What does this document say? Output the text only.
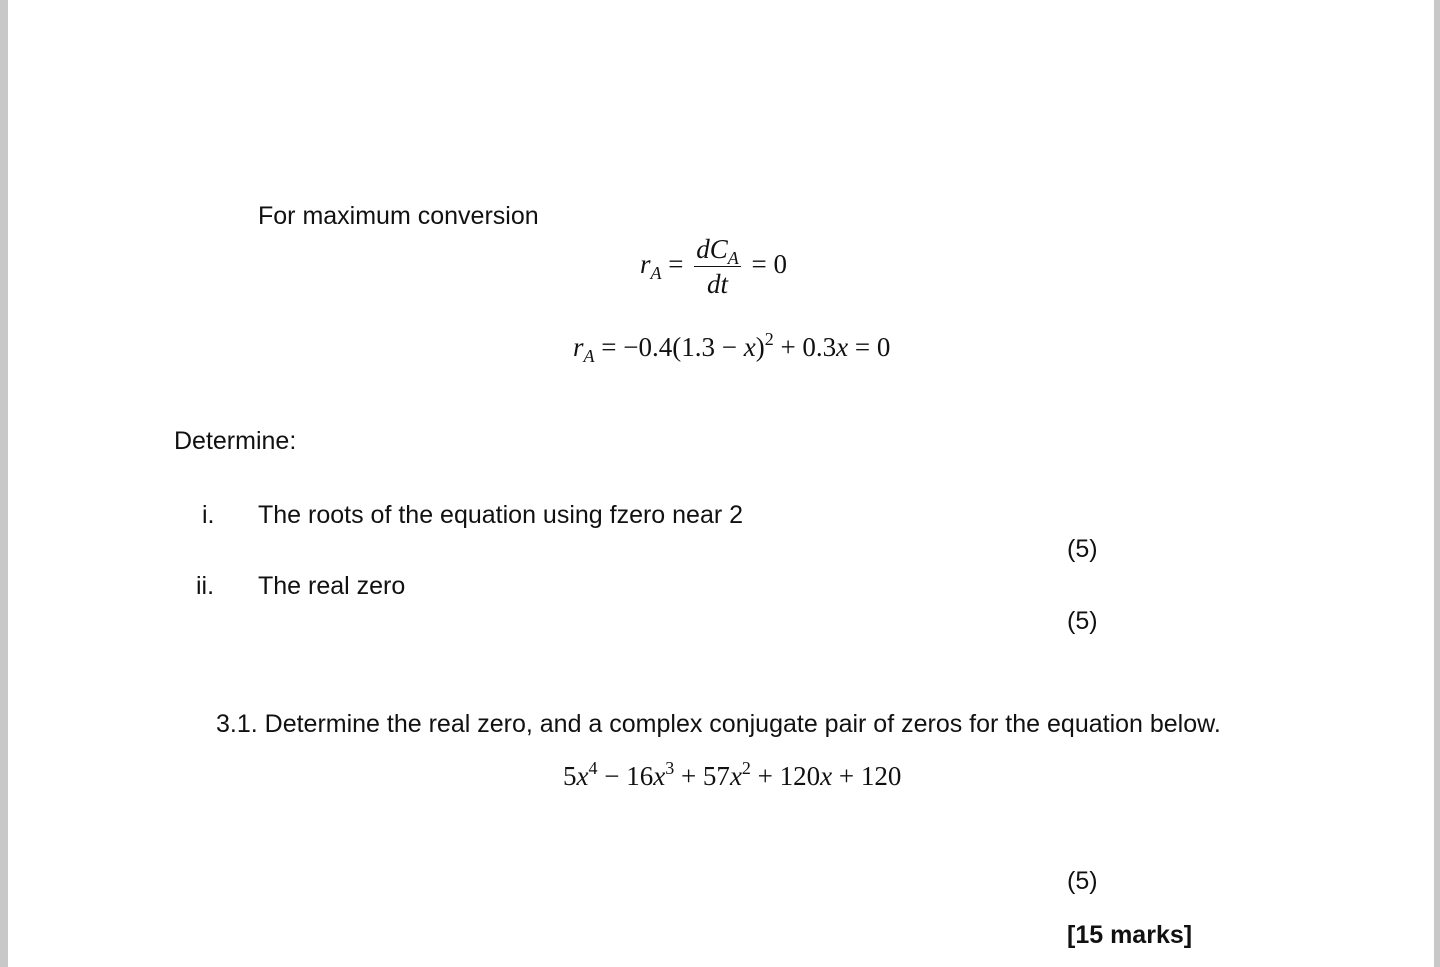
For maximum conversion
$r_A = \frac{dC_A}{dt} = 0$
$r_A = -0.4(1.3 - x)^2 + 0.3x = 0$
Determine:
i. The roots of the equation using fzero near 2
(5)
ii. The real zero
(5)
3.1. Determine the real zero, and a complex conjugate pair of zeros for the equation below.
$5x^4 - 16x^3 + 57x^2 + 120x + 120$
(5)
[15 marks]
